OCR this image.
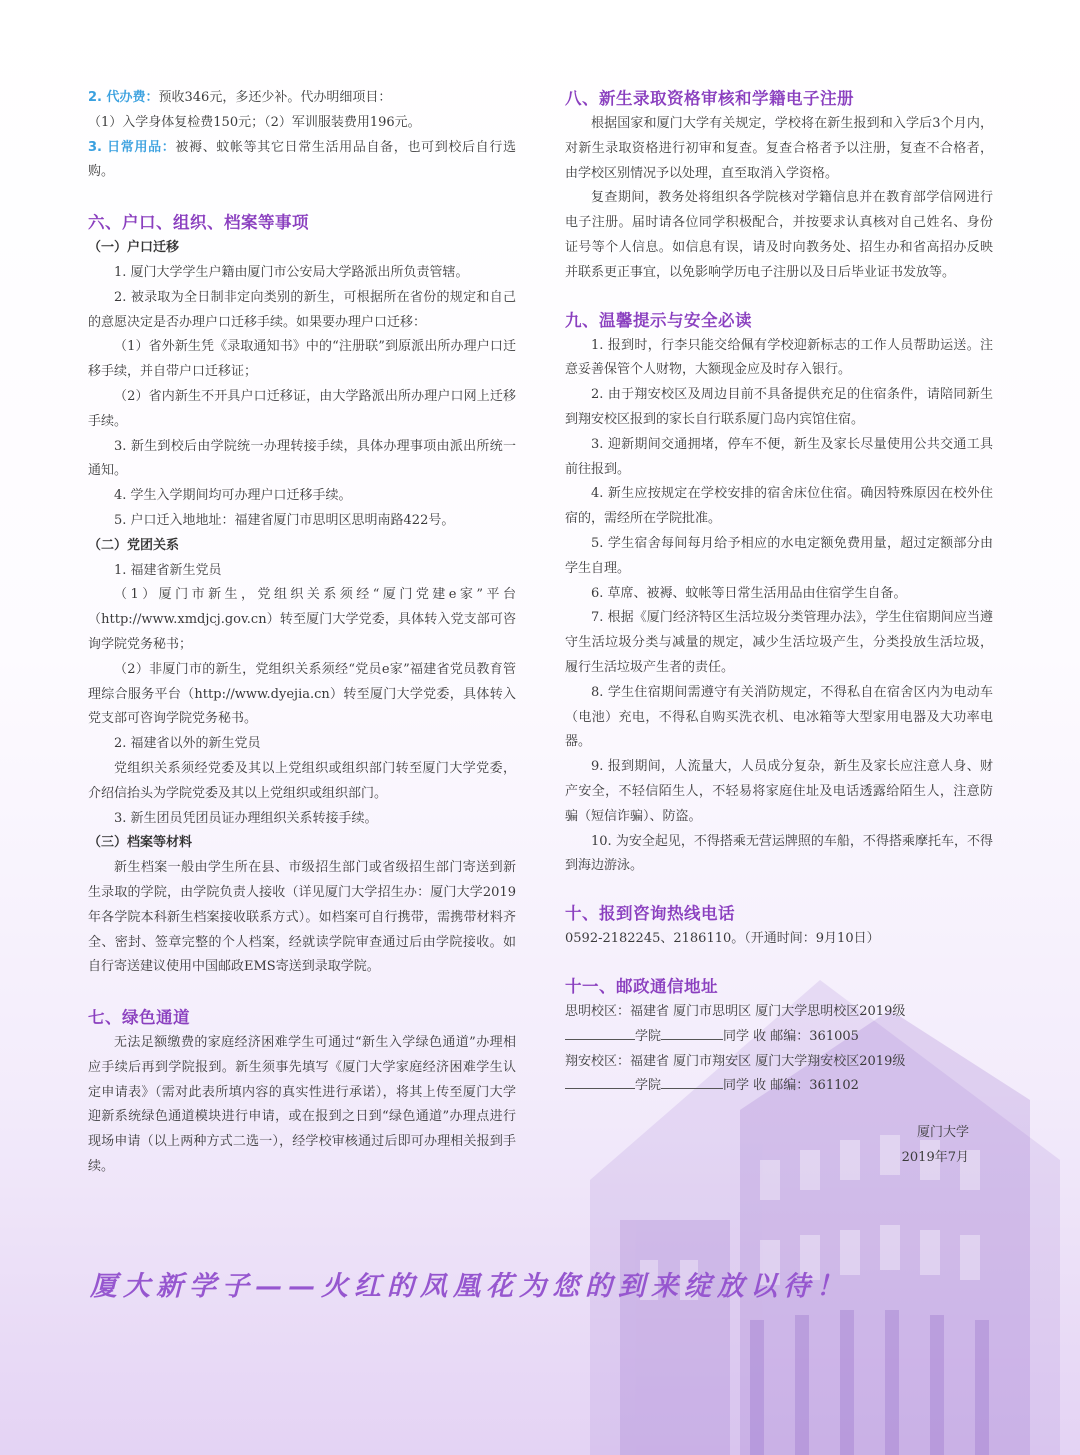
2. 代办费：预收346元，多还少补。代办明细项目：

（1）入学身体复检费150元；（2）军训服装费用196元。

3. 日常用品：被褥、蚊帐等其它日常生活用品自备，也可到校后自行选购。

六、户口、组织、档案等事项
（一）户口迁移

1. 厦门大学学生户籍由厦门市公安局大学路派出所负责管辖。

2. 被录取为全日制非定向类别的新生，可根据所在省份的规定和自己的意愿决定是否办理户口迁移手续。如果要办理户口迁移：

（1）省外新生凭《录取通知书》中的“注册联”到原派出所办理户口迁移手续，并自带户口迁移证；

（2）省内新生不开具户口迁移证，由大学路派出所办理户口网上迁移手续。

3. 新生到校后由学院统一办理转接手续，具体办理事项由派出所统一通知。

4. 学生入学期间均可办理户口迁移手续。

5. 户口迁入地地址：福建省厦门市思明区思明南路422号。

（二）党团关系

1. 福建省新生党员

（1）厦门市新生，党组织关系须经“厦门党建e家”平台（http://www.xmdjcj.gov.cn）转至厦门大学党委，具体转入党支部可咨询学院党务秘书；

（2）非厦门市的新生，党组织关系须经“党员e家”福建省党员教育管理综合服务平台（http://www.dyejia.cn）转至厦门大学党委，具体转入党支部可咨询学院党务秘书。

2. 福建省以外的新生党员

党组织关系须经党委及其以上党组织或组织部门转至厦门大学党委，介绍信抬头为学院党委及其以上党组织或组织部门。

3. 新生团员凭团员证办理组织关系转接手续。

（三）档案等材料

新生档案一般由学生所在县、市级招生部门或省级招生部门寄送到新生录取的学院，由学院负责人接收（详见厦门大学招生办：厦门大学2019年各学院本科新生档案接收联系方式）。如档案可自行携带，需携带材料齐全、密封、签章完整的个人档案，经就读学院审查通过后由学院接收。如自行寄送建议使用中国邮政EMS寄送到录取学院。

七、绿色通道

无法足额缴费的家庭经济困难学生可通过“新生入学绿色通道”办理相应手续后再到学院报到。新生须事先填写《厦门大学家庭经济困难学生认定申请表》（需对此表所填内容的真实性进行承诺），将其上传至厦门大学迎新系统绿色通道模块进行申请，或在报到之日到“绿色通道”办理点进行现场申请（以上两种方式二选一），经学校审核通过后即可办理相关报到手续。

八、新生录取资格审核和学籍电子注册

根据国家和厦门大学有关规定，学校将在新生报到和入学后3个月内，对新生录取资格进行初审和复查。复查合格者予以注册，复查不合格者，由学校区别情况予以处理，直至取消入学资格。

复查期间，教务处将组织各学院核对学籍信息并在教育部学信网进行电子注册。届时请各位同学积极配合，并按要求认真核对自己姓名、身份证号等个人信息。如信息有误，请及时向教务处、招生办和省高招办反映并联系更正事宜，以免影响学历电子注册以及日后毕业证书发放等。

九、温馨提示与安全必读

1. 报到时，行李只能交给佩有学校迎新标志的工作人员帮助运送。注意妥善保管个人财物，大额现金应及时存入银行。

2. 由于翔安校区及周边目前不具备提供充足的住宿条件，请陪同新生到翔安校区报到的家长自行联系厦门岛内宾馆住宿。

3. 迎新期间交通拥堵，停车不便，新生及家长尽量使用公共交通工具前往报到。

4. 新生应按规定在学校安排的宿舍床位住宿。确因特殊原因在校外住宿的，需经所在学院批准。

5. 学生宿舍每间每月给予相应的水电定额免费用量，超过定额部分由学生自理。

6. 草席、被褥、蚊帐等日常生活用品由住宿学生自备。

7. 根据《厦门经济特区生活垃圾分类管理办法》，学生住宿期间应当遵守生活垃圾分类与减量的规定，减少生活垃圾产生，分类投放生活垃圾，履行生活垃圾产生者的责任。

8. 学生住宿期间需遵守有关消防规定，不得私自在宿舍区内为电动车（电池）充电，不得私自购买洗衣机、电冰箱等大型家用电器及大功率电器。

9. 报到期间，人流量大，人员成分复杂，新生及家长应注意人身、财产安全，不轻信陌生人，不轻易将家庭住址及电话透露给陌生人，注意防骗（短信诈骗）、防盗。

10. 为安全起见，不得搭乘无营运牌照的车船，不得搭乘摩托车，不得到海边游泳。

十、报到咨询热线电话

0592-2182245、2186110。（开通时间：9月10日）

十一、邮政通信地址

思明校区：福建省 厦门市思明区 厦门大学思明校区2019级

学院	同学 收 邮编：361005

翔安校区：福建省 厦门市翔安区 厦门大学翔安校区2019级

学院	同学 收 邮编：361102

厦门大学

2019年7月

厦大新学子——火红的凤凰花为您的到来绽放以待！
